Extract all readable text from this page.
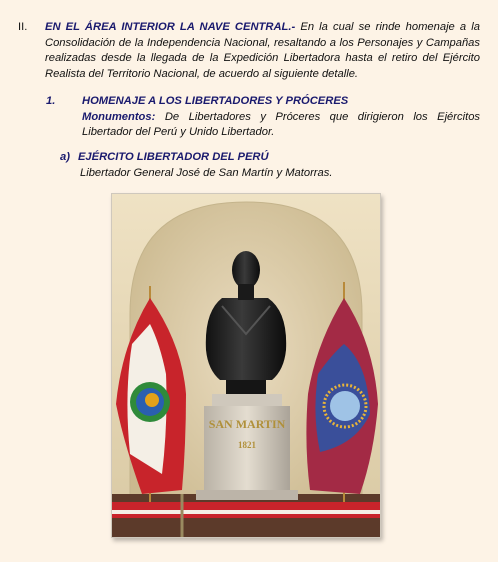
II.	EN EL ÁREA INTERIOR LA NAVE CENTRAL.- En la cual se rinde homenaje a la Consolidación de la Independencia Nacional, resaltando a los Personajes y Campañas realizadas desde la llegada de la Expedición Libertadora hasta el retiro del Ejército Realista del Territorio Nacional, de acuerdo al siguiente detalle.
1. HOMENAJE A LOS LIBERTADORES Y PRÓCERES
Monumentos: De Libertadores y Próceres que dirigieron los Ejércitos Libertador del Perú y Unido Libertador.
a) EJÉRCITO LIBERTADOR DEL PERÚ
Libertador General José de San Martín y Matorras.
SAN MARTIN
1821
